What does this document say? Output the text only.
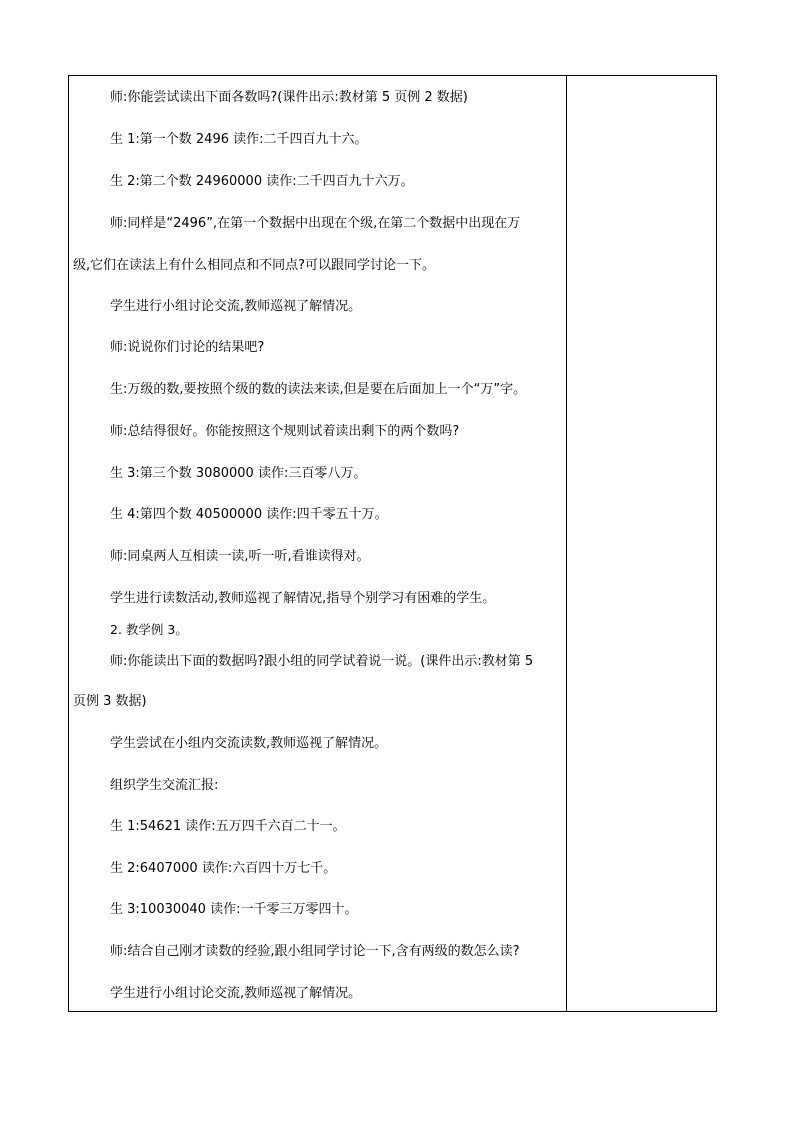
师:你能尝试读出下面各数吗?(课件出示:教材第 5 页例 2 数据)
生 1:第一个数 2496 读作:二千四百九十六。
生 2:第二个数 24960000 读作:二千四百九十六万。
师:同样是“2496”,在第一个数据中出现在个级,在第二个数据中出现在万
级,它们在读法上有什么相同点和不同点?可以跟同学讨论一下。
学生进行小组讨论交流,教师巡视了解情况。
师:说说你们讨论的结果吧?
生:万级的数,要按照个级的数的读法来读,但是要在后面加上一个“万”字。
师:总结得很好。你能按照这个规则试着读出剩下的两个数吗?
生 3:第三个数 3080000 读作:三百零八万。
生 4:第四个数 40500000 读作:四千零五十万。
师:同桌两人互相读一读,听一听,看谁读得对。
学生进行读数活动,教师巡视了解情况,指导个别学习有困难的学生。
2. 教学例 3。
师:你能读出下面的数据吗?跟小组的同学试着说一说。(课件出示:教材第 5
页例 3 数据)
学生尝试在小组内交流读数,教师巡视了解情况。
组织学生交流汇报:
生 1:54621 读作:五万四千六百二十一。
生 2:6407000 读作:六百四十万七千。
生 3:10030040 读作:一千零三万零四十。
师:结合自己刚才读数的经验,跟小组同学讨论一下,含有两级的数怎么读?
学生进行小组讨论交流,教师巡视了解情况。
